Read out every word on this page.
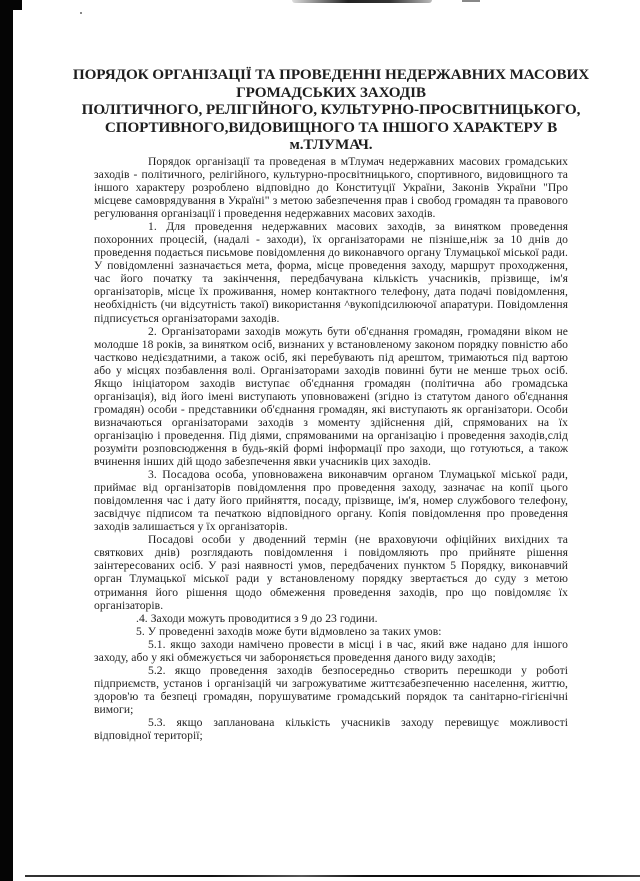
ПОРЯДОК ОРГАНІЗАЦІЇ ТА ПРОВЕДЕННІ НЕДЕРЖАВНИХ МАСОВИХ
ГРОМАДСЬКИХ ЗАХОДІВ
ПОЛІТИЧНОГО, РЕЛІГІЙНОГО, КУЛЬТУРНО-ПРОСВІТНИЦЬКОГО,
СПОРТИВНОГО,ВИДОВИЩНОГО ТА ІНШОГО ХАРАКТЕРУ В
м.ТЛУМАЧ.

Порядок організації та проведеная в мТлумач недержавних масових громадських заходів - політичного, релігійного, культурно-просвітницького, спортивного, видовищного та іншого характеру розроблено відповідно до Конституції України, Законів України "Про місцеве самоврядування в Україні" з метою забезпечення прав і свобод громадян та правового регулювання організації і проведення недержавних масових заходів.

1. Для проведення недержавних масових заходів, за винятком проведення похоронних процесій, (надалі - заходи), їх організаторами не пізніше,ніж за 10 днів до проведення подається письмове повідомлення до виконавчого органу Тлумацької міської ради. У повідомленні зазначається мета, форма, місце проведення заходу, маршрут проходження, час його початку та закінчення, передбачувана кількість учасників, прізвище, ім'я організаторів, місце їх проживання, номер контактного телефону, дата подачі повідомлення, необхідність (чи відсутність такої) використання ^вукопідсилюючої апаратури. Повідомлення підписується організаторами заходів.

2. Організаторами заходів можуть бути об'єднання громадян, громадяни віком не молодше 18 років, за винятком осіб, визнаних у встановленому законом порядку повністю або частково недієздатними, а також осіб, які перебувають під арештом, тримаються під вартою або у місцях позбавлення волі. Організаторами заходів повинні бути не менше трьох осіб. Якщо ініціатором заходів виступає об'єднання громадян (політична або громадська організація), від його імені виступають уповноважені (згідно із статутом даного об'єднання громадян) особи - представники об'єднання громадян, які виступають як організатори. Особи визначаються організаторами заходів з моменту здійснення дій, спрямованих на їх організацію і проведення. Під діями, спрямованими на організацію і проведення заходів,слід розуміти розповсюдження в будь-якій формі інформації про заходи, що готуються, а також вчинення інших дій щодо забезпечення явки учасників цих заходів.

3. Посадова особа, уповноважена виконавчим органом Тлумацької міської ради, приймає від організаторів повідомлення про проведення заходу, зазначає на копії цього повідомлення час і дату його прийняття, посаду, прізвище, ім'я, номер службового телефону, засвідчує підписом та печаткою відповідного органу. Копія повідомлення про проведення заходів залишається у їх організаторів.

Посадові особи у дводенний термін (не враховуючи офіційних вихідних та святкових днів) розглядають повідомлення і повідомляють про прийняте рішення заінтересованих осіб. У разі наявності умов, передбачених пунктом 5 Порядку, виконавчий орган Тлумацької міської ради у встановленому порядку звертається до суду з метою отримання його рішення щодо обмеження проведення заходів, про що повідомляє їх організаторів.

.4. Заходи можуть проводитися з 9 до 23 години.

5. У проведенні заходів може бути відмовлено за таких умов:

5.1. якщо заходи намічено провести в місці і в час, який вже надано для іншого заходу, або у які обмежується чи забороняється проведення даного виду заходів;

5.2. якщо проведення заходів безпосередньо створить перешкоди у роботі підприємств, установ і організацій чи загрожуватиме життєзабезпеченню населення, життю, здоров'ю та безпеці громадян, порушуватиме громадський порядок та санітарно-гігієнічні вимоги;

5.3. якщо запланована кількість учасників заходу перевищує можливості відповідної території;
